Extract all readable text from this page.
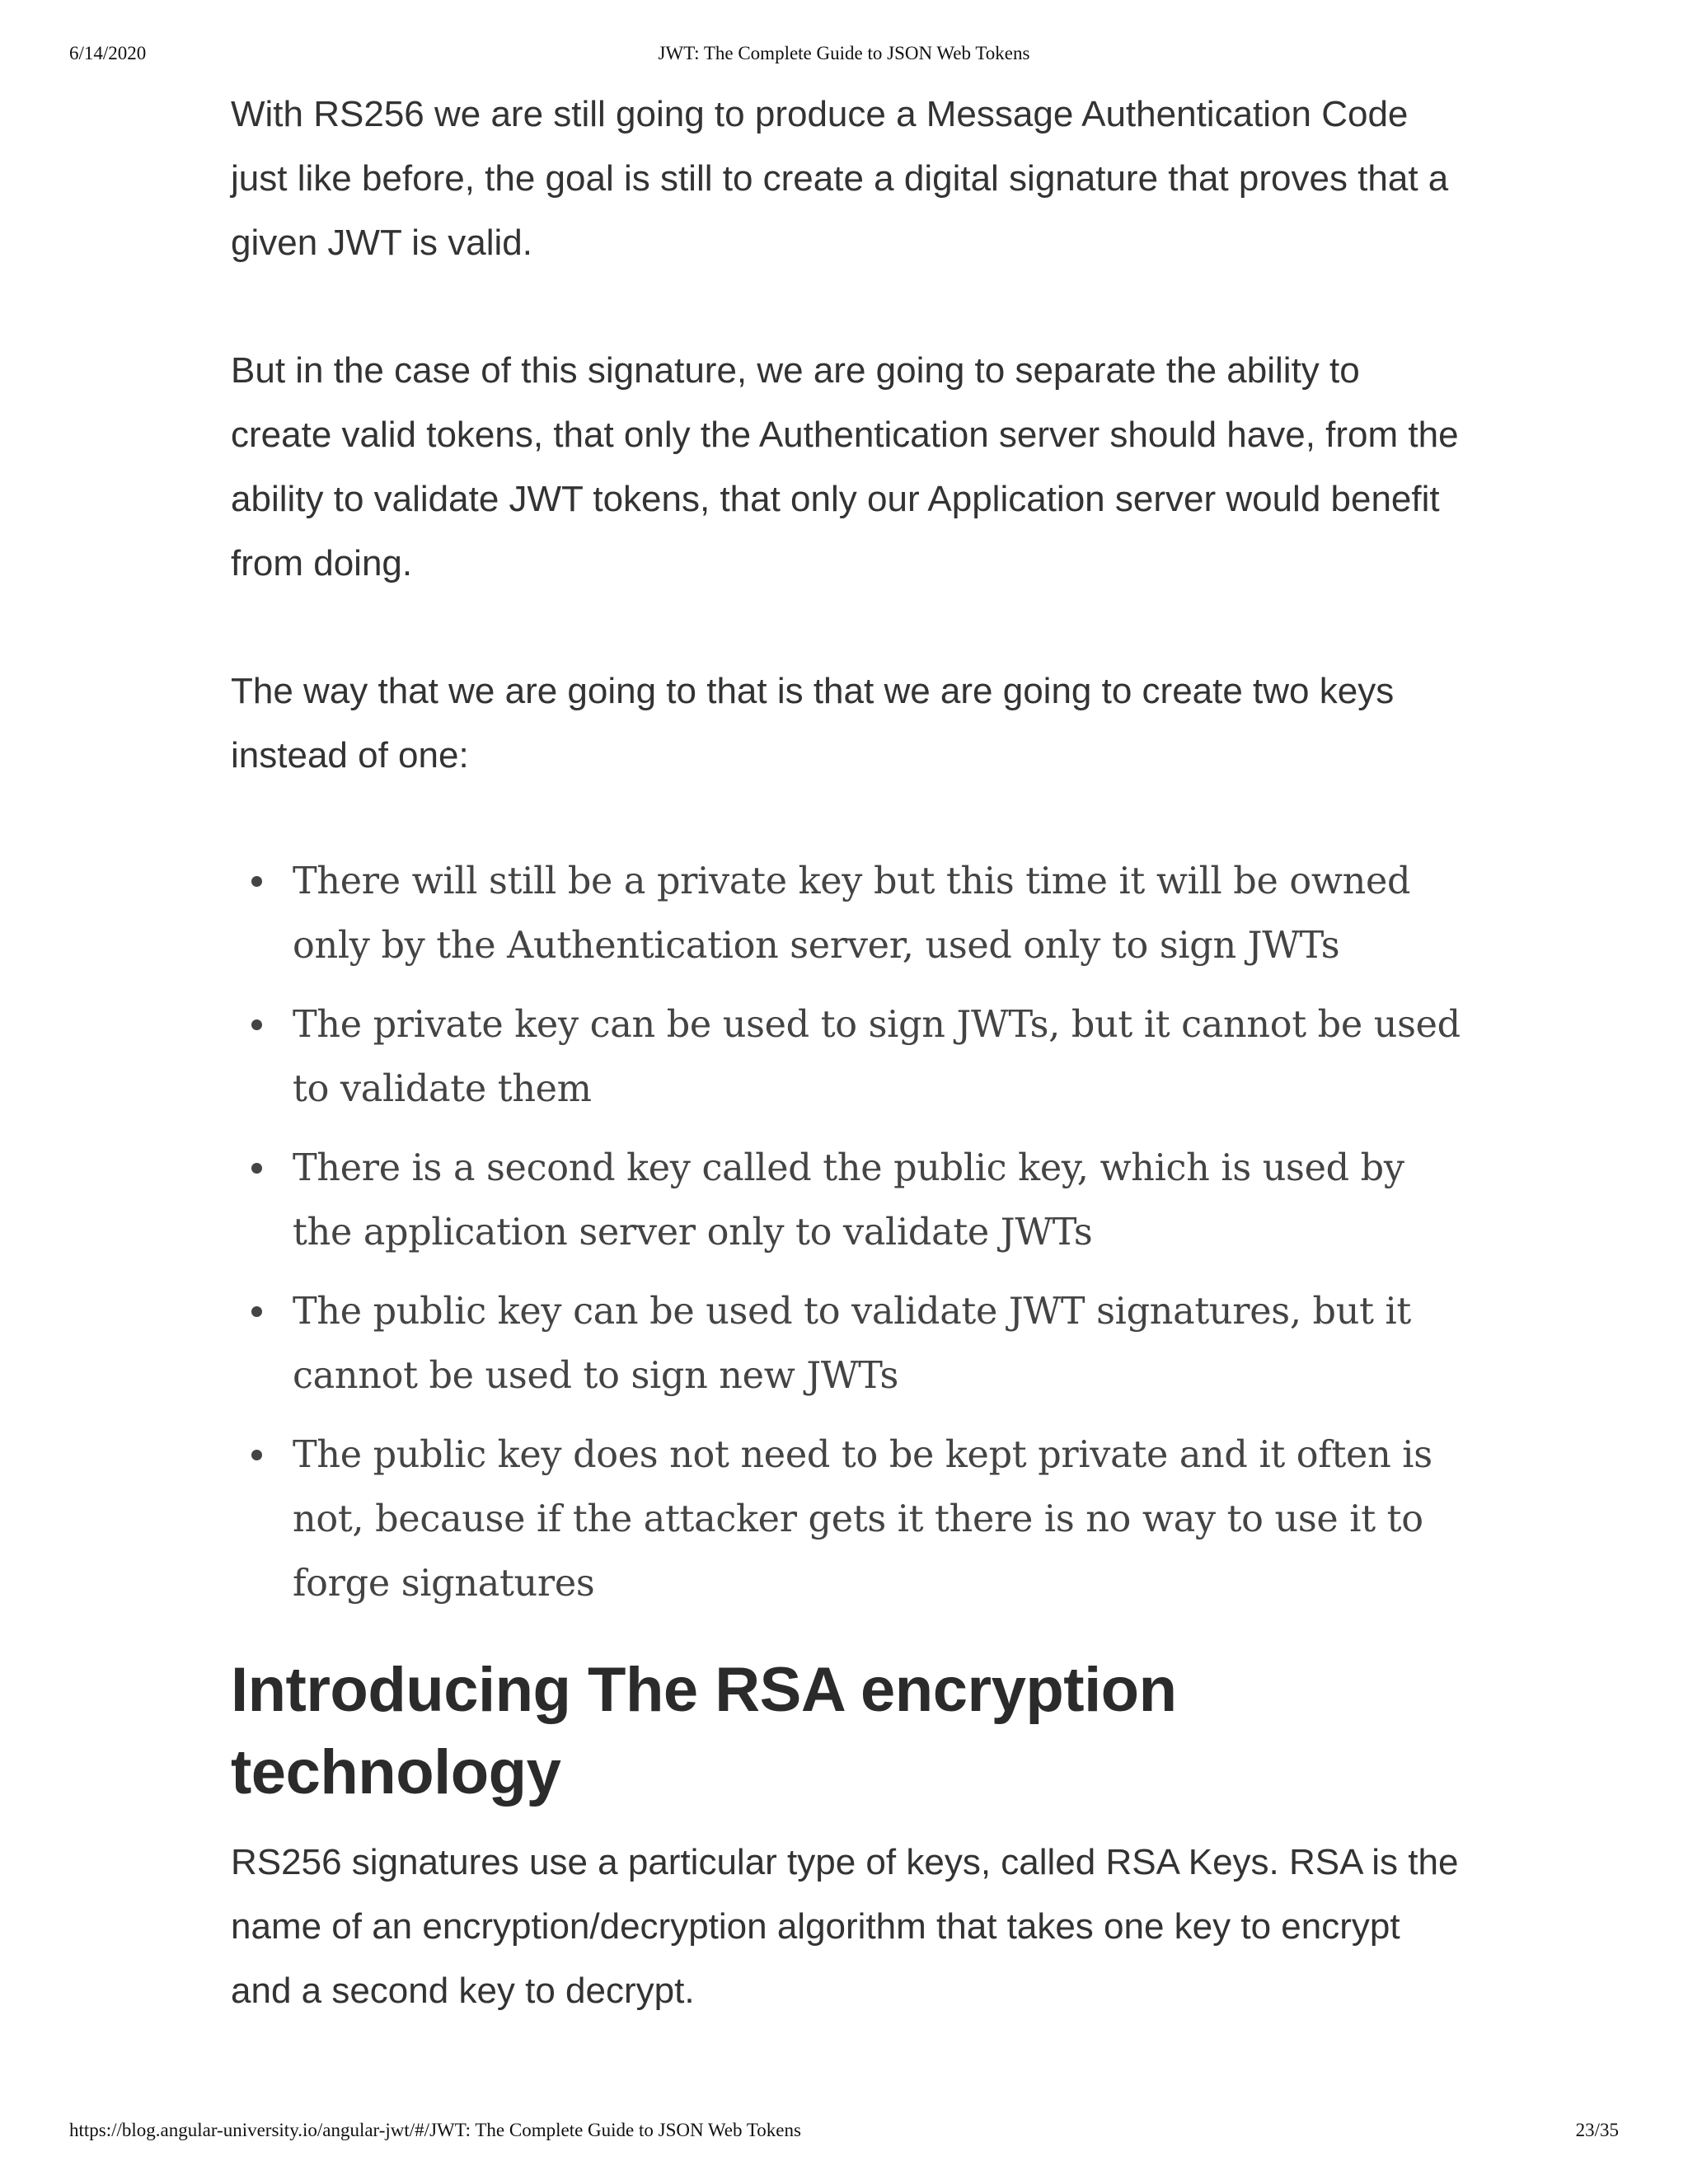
6/14/2020	JWT: The Complete Guide to JSON Web Tokens

With RS256 we are still going to produce a Message Authentication Code just like before, the goal is still to create a digital signature that proves that a given JWT is valid.

But in the case of this signature, we are going to separate the ability to create valid tokens, that only the Authentication server should have, from the ability to validate JWT tokens, that only our Application server would benefit from doing.

The way that we are going to that is that we are going to create two keys instead of one:

There will still be a private key but this time it will be owned only by the Authentication server, used only to sign JWTs
The private key can be used to sign JWTs, but it cannot be used to validate them
There is a second key called the public key, which is used by the application server only to validate JWTs
The public key can be used to validate JWT signatures, but it cannot be used to sign new JWTs
The public key does not need to be kept private and it often is not, because if the attacker gets it there is no way to use it to forge signatures
Introducing The RSA encryption technology

RS256 signatures use a particular type of keys, called RSA Keys. RSA is the name of an encryption/decryption algorithm that takes one key to encrypt and a second key to decrypt.

https://blog.angular-university.io/angular-jwt/#/JWT: The Complete Guide to JSON Web Tokens	23/35
